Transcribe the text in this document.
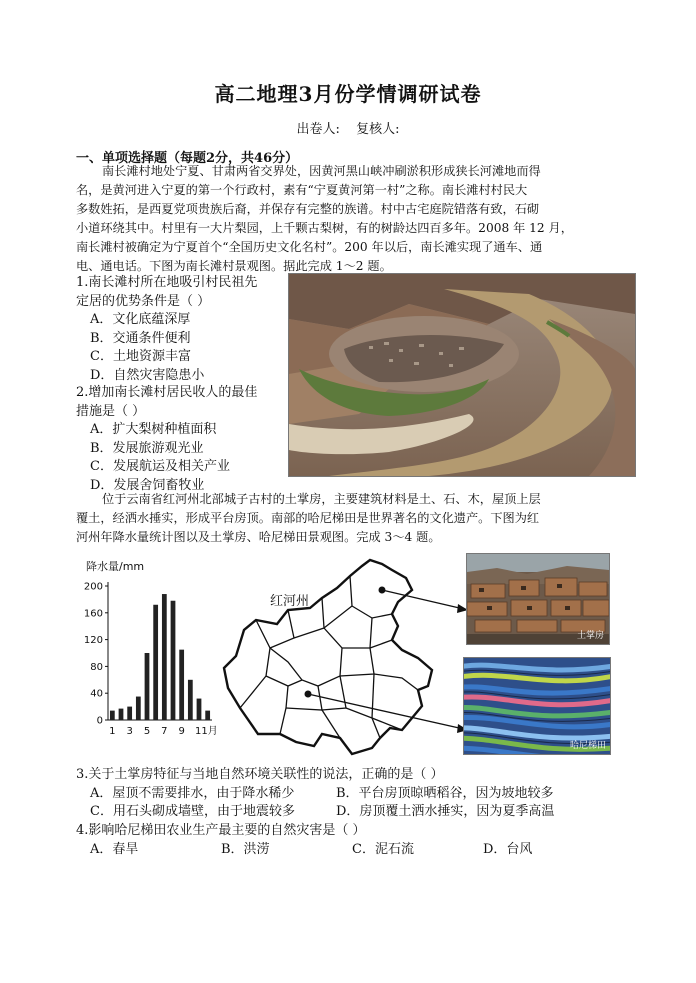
高二地理3月份学情调研试卷
出卷人: 复核人:
一、单项选择题（每题2分，共46分）
南长滩村地处宁夏、甘肃两省交界处，因黄河黑山峡冲刷淤积形成狭长河滩地而得
名，是黄河进入宁夏的第一个行政村，素有“宁夏黄河第一村”之称。南长滩村村民大
多数姓拓，是西夏党项贵族后裔，并保存有完整的族谱。村中古宅庭院错落有致，石砌
小道环绕其中。村里有一大片梨园，上千颗古梨树，有的树龄达四百多年。2008 年 12 月，
南长滩村被确定为宁夏首个“全国历史文化名村”。200 年以后，南长滩实现了通车、通
电、通电话。下图为南长滩村景观图。据此完成 1～2 题。
1.南长滩村所在地吸引村民祖先
定居的优势条件是（ ）
A．文化底蕴深厚
B．交通条件便利
C．土地资源丰富
D．自然灾害隐患小
2.增加南长滩村居民收人的最佳
措施是（ ）
A．扩大梨树种植面积
B．发展旅游观光业
C．发展航运及相关产业
D．发展舍饲畜牧业
位于云南省红河州北部城子古村的土掌房，主要建筑材料是土、石、木，屋顶上层
覆土，经洒水捶实，形成平台房顶。南部的哈尼梯田是世界著名的文化遗产。下图为红
河州年降水量统计图以及土掌房、哈尼梯田景观图。完成 3～4 题。
降水量/mm
0
40
80
120
160
200
1 3 5 7 9 11月
红河州
土掌房
哈尼梯田
3.关于土掌房特征与当地自然环境关联性的说法，正确的是（ ）
A．屋顶不需要排水，由于降水稀少	B．平台房顶晾晒稻谷，因为坡地较多
C．用石头砌成墙壁，由于地震较多	D．房顶覆土洒水捶实，因为夏季高温
4.影响哈尼梯田农业生产最主要的自然灾害是（ ）
A．春旱	B．洪涝	C．泥石流	D．台风
